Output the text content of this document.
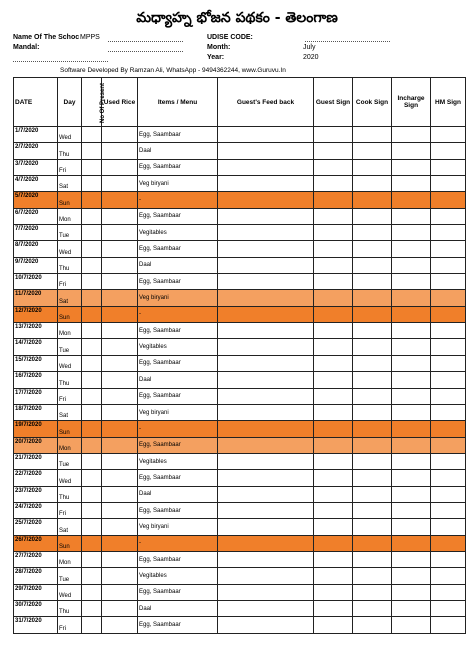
మధ్యాహ్న భోజన పథకం - తెలంగాణ
Name Of The Schoc MPPS	UDISE CODE:
Mandal:	Month:	July
Year:	2020
Software Developed By Ramzan Ali, WhatsApp - 9494362244, www.Guruvu.In
DATE	Day	No Of Present	Used Rice	Items / Menu	Guest's Feed back	Guest Sign	Cook Sign	Incharge Sign	HM Sign
1/7/2020	Wed			Egg, Saambaar					
2/7/2020	Thu			Daal					
3/7/2020	Fri			Egg, Saambaar					
4/7/2020	Sat			Veg biryani					
5/7/2020	Sun			-					
6/7/2020	Mon			Egg, Saambaar					
7/7/2020	Tue			Vegitables					
8/7/2020	Wed			Egg, Saambaar					
9/7/2020	Thu			Daal					
10/7/2020	Fri			Egg, Saambaar					
11/7/2020	Sat			Veg biryani					
12/7/2020	Sun			-					
13/7/2020	Mon			Egg, Saambaar					
14/7/2020	Tue			Vegitables					
15/7/2020	Wed			Egg, Saambaar					
16/7/2020	Thu			Daal					
17/7/2020	Fri			Egg, Saambaar					
18/7/2020	Sat			Veg biryani					
19/7/2020	Sun			-					
20/7/2020	Mon			Egg, Saambaar					
21/7/2020	Tue			Vegitables					
22/7/2020	Wed			Egg, Saambaar					
23/7/2020	Thu			Daal					
24/7/2020	Fri			Egg, Saambaar					
25/7/2020	Sat			Veg biryani					
26/7/2020	Sun			-					
27/7/2020	Mon			Egg, Saambaar					
28/7/2020	Tue			Vegitables					
29/7/2020	Wed			Egg, Saambaar					
30/7/2020	Thu			Daal					
31/7/2020	Fri			Egg, Saambaar					
